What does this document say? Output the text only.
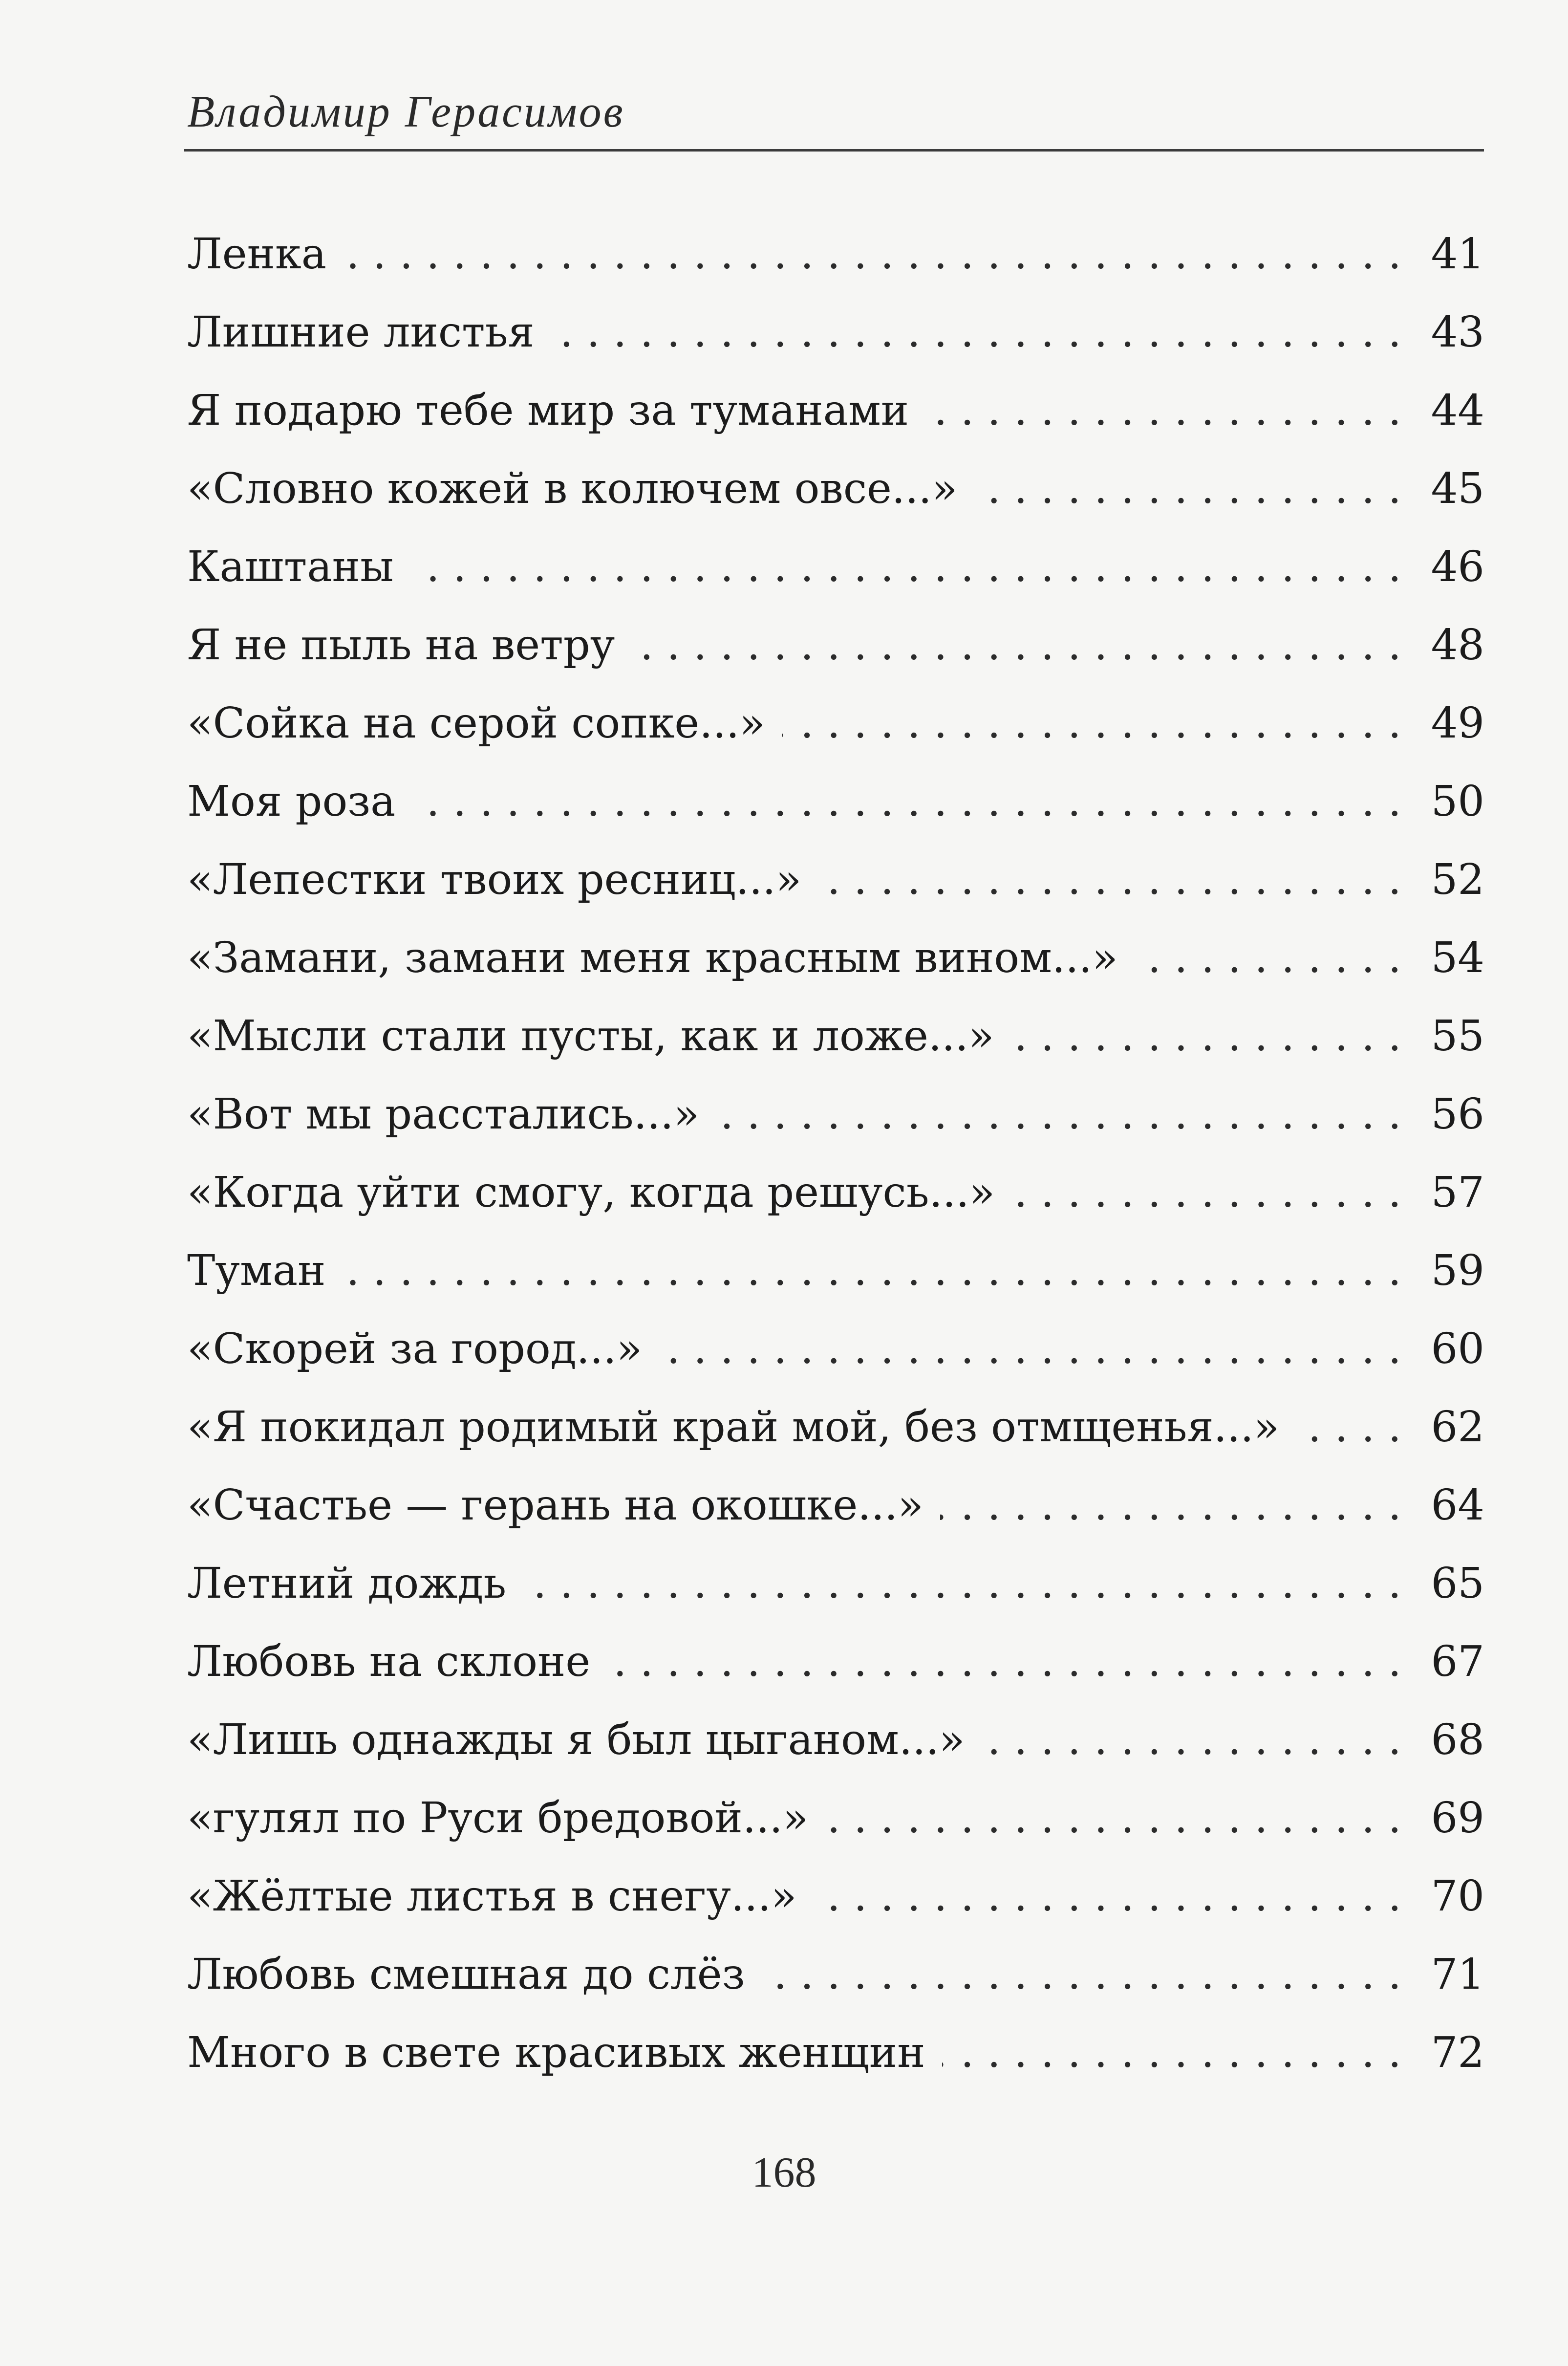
Владимир Герасимов
Ленка . . .	41
Лишние листья . . .	43
Я подарю тебе мир за туманами . . .	44
«Словно кожей в колючем овсе...» . . .	45
Каштаны . . .	46
Я не пыль на ветру . . .	48
«Сойка на серой сопке...» . . .	49
Моя роза . . .	50
«Лепестки твоих ресниц...» . . .	52
«Замани, замани меня красным вином...» . . .	54
«Мысли стали пусты, как и ложе...» . . .	55
«Вот мы расстались...» . . .	56
«Когда уйти смогу, когда решусь...» . . .	57
Туман . . .	59
«Скорей за город...» . . .	60
«Я покидал родимый край мой, без отмщенья...» . . .	62
«Счастье — герань на окошке...» . . .	64
Летний дождь . . .	65
Любовь на склоне . . .	67
«Лишь однажды я был цыганом...» . . .	68
«гулял по Руси бредовой...» . . .	69
«Жёлтые листья в снегу...» . . .	70
Любовь смешная до слёз . . .	71
Много в свете красивых женщин . . .	72
168
